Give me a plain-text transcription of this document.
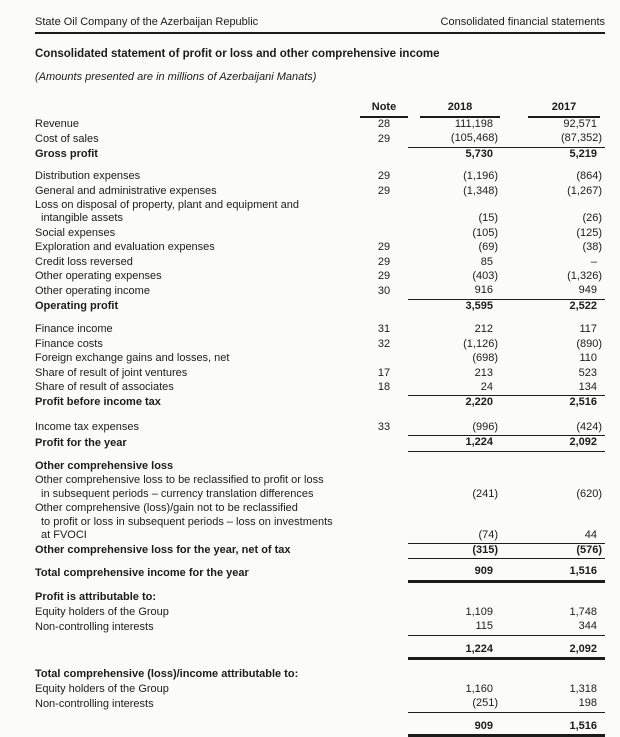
State Oil Company of the Azerbaijan Republic	Consolidated financial statements
Consolidated statement of profit or loss and other comprehensive income
(Amounts presented are in millions of Azerbaijani Manats)
	Note	2018	2017

Revenue	28	111,198	92,571

Cost of sales	29	(105,468)	(87,352)

Gross profit		5,730	5,219

Distribution expenses	29	(1,196)	(864)

General and administrative expenses	29	(1,348)	(1,267)

Loss on disposal of property, plant and equipment and
intangible assets		(15)	(26)

Social expenses		(105)	(125)

Exploration and evaluation expenses	29	(69)	(38)

Credit loss reversed	29	85	–

Other operating expenses	29	(403)	(1,326)

Other operating income	30	916	949

Operating profit		3,595	2,522

Finance income	31	212	117

Finance costs	32	(1,126)	(890)

Foreign exchange gains and losses, net		(698)	110

Share of result of joint ventures	17	213	523

Share of result of associates	18	24	134

Profit before income tax		2,220	2,516

Income tax expenses	33	(996)	(424)

Profit for the year		1,224	2,092

Other comprehensive loss			

Other comprehensive loss to be reclassified to profit or loss
in subsequent periods – currency translation differences		(241)	(620)

Other comprehensive (loss)/gain not to be reclassified
to profit or loss in subsequent periods – loss on investments
at FVOCI		(74)	44

Other comprehensive loss for the year, net of tax		(315)	(576)

Total comprehensive income for the year		909	1,516

Profit is attributable to:			

Equity holders of the Group		1,109	1,748

Non-controlling interests		115	344

		1,224	2,092

Total comprehensive (loss)/income attributable to:			

Equity holders of the Group		1,160	1,318

Non-controlling interests		(251)	198

		909	1,516
